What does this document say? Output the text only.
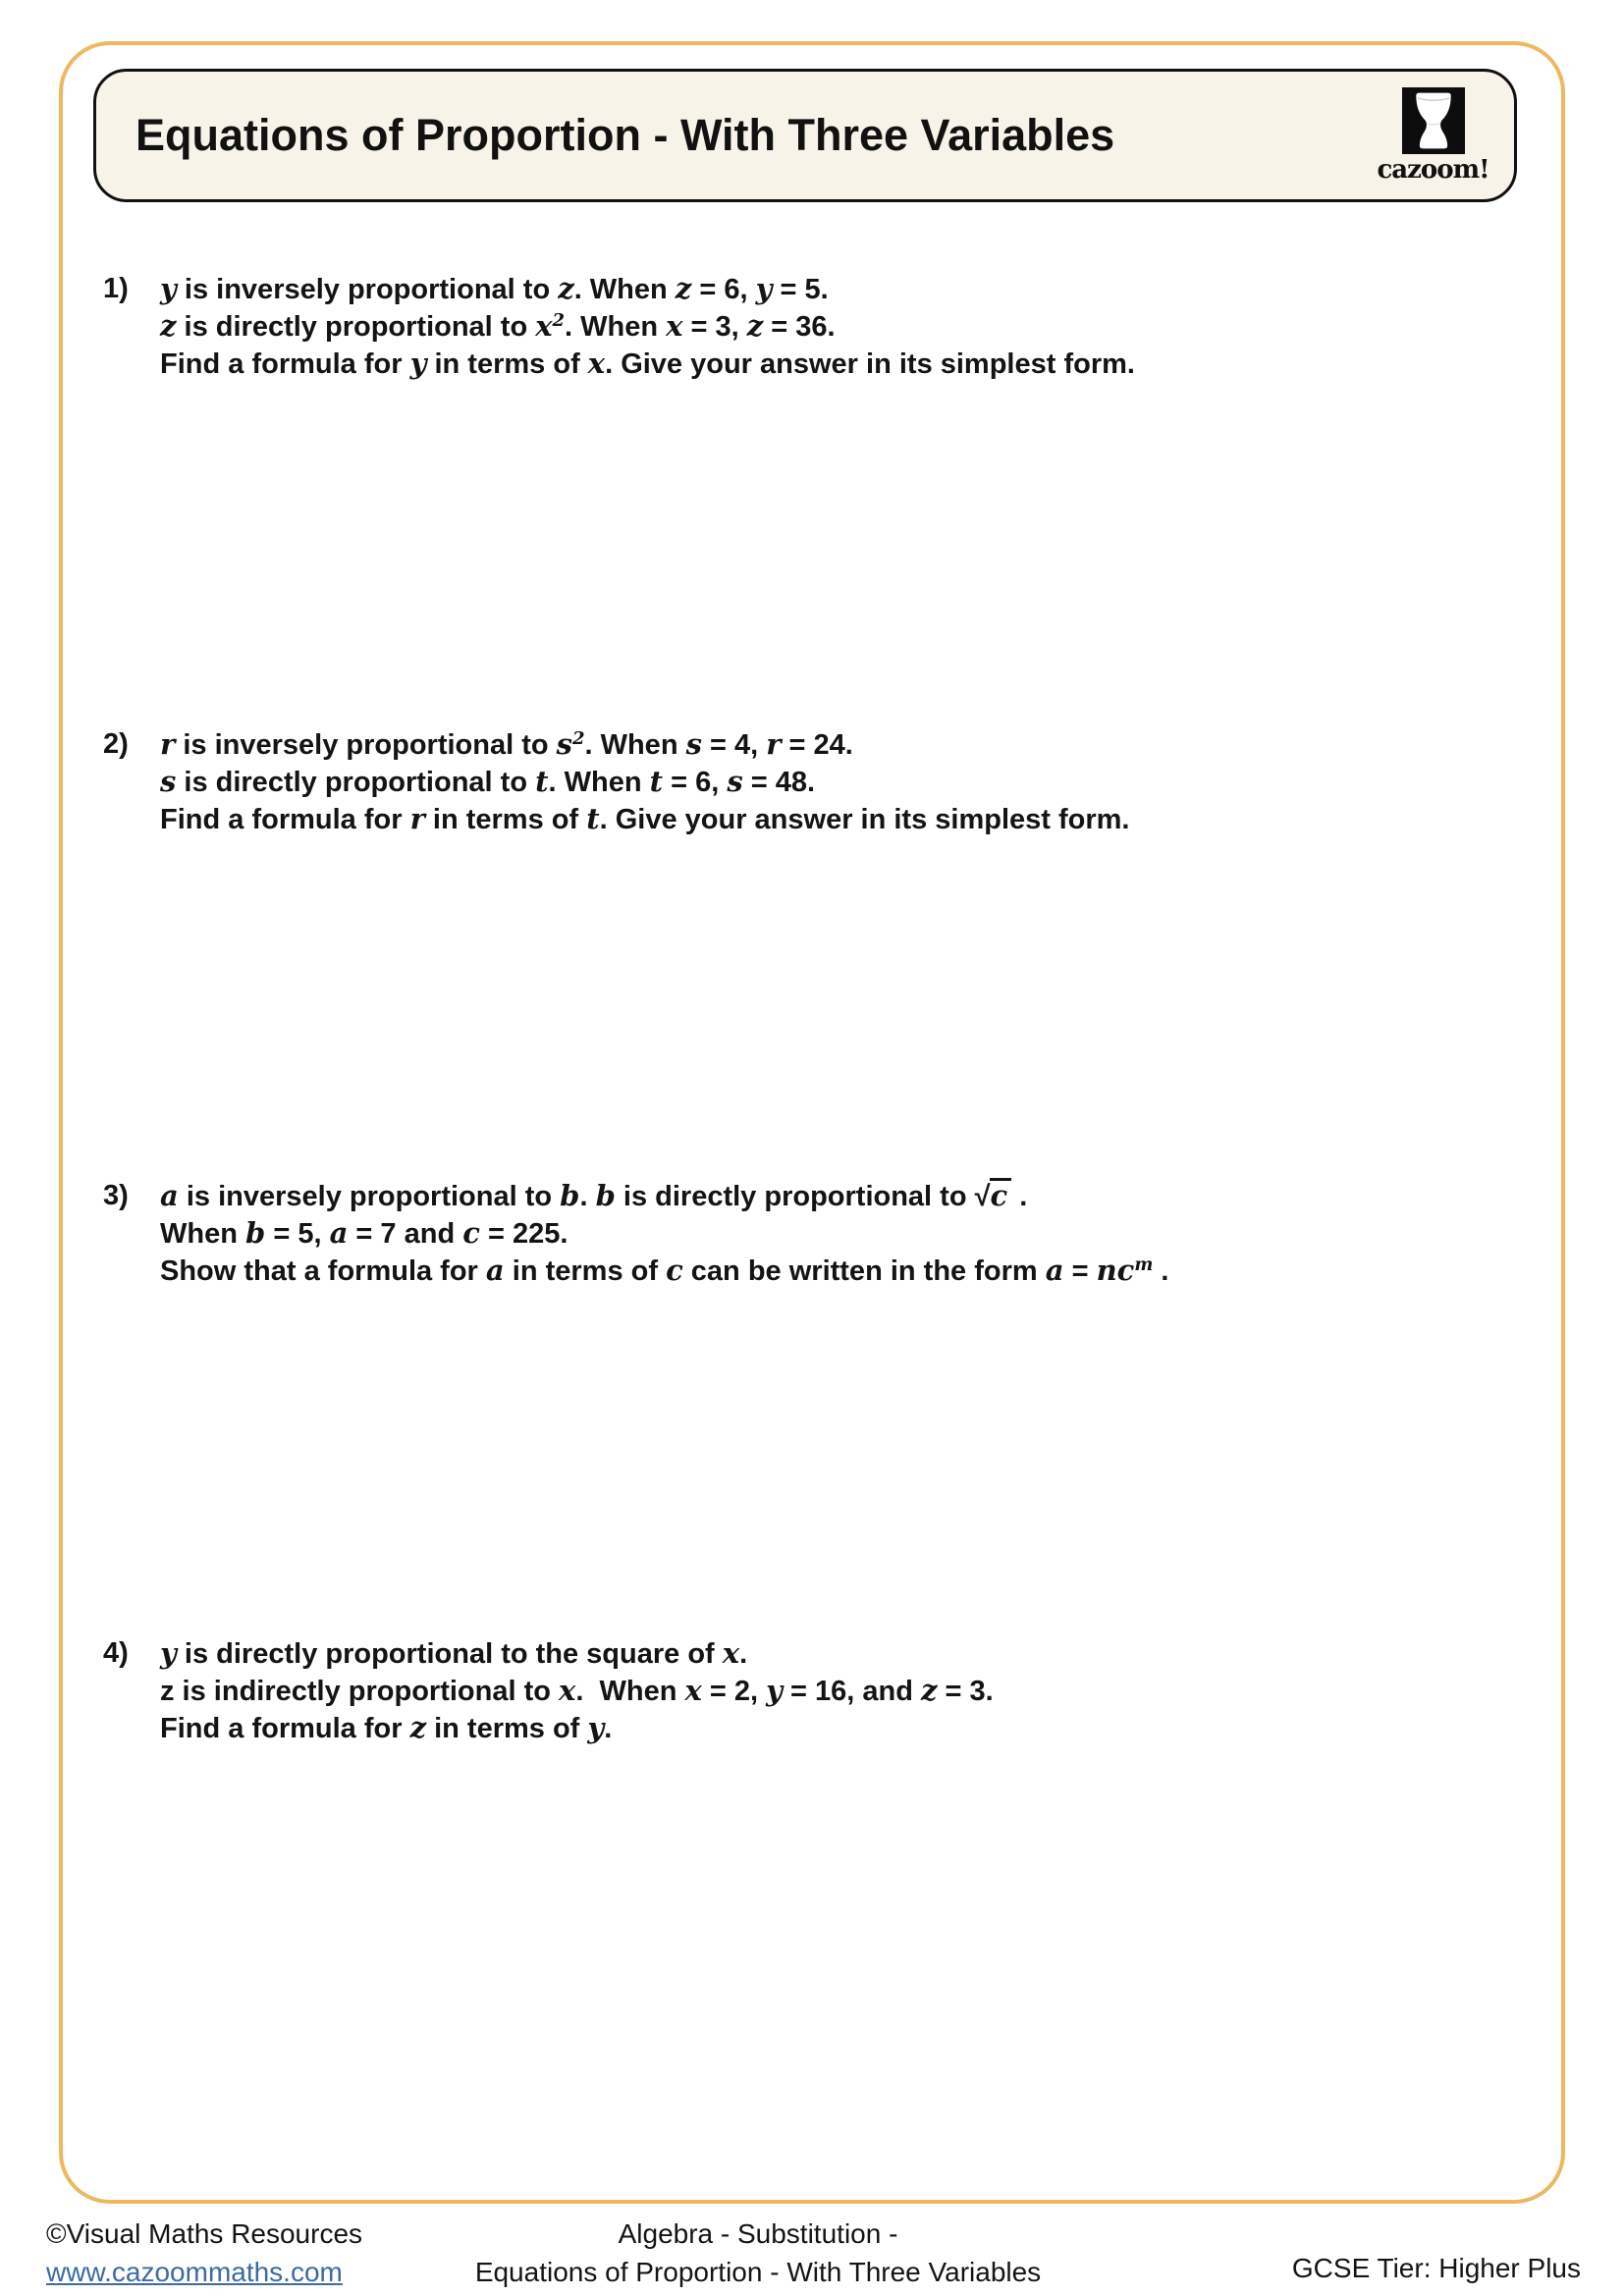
Equations of Proportion - With Three Variables
cazoom!
1)	y is inversely proportional to z. When z = 6, y = 5.
z is directly proportional to $x^2$. When x = 3, z = 36.
Find a formula for y in terms of x. Give your answer in its simplest form.
2)	r is inversely proportional to $s^2$. When s = 4, r = 24.
s is directly proportional to t. When t = 6, s = 48.
Find a formula for r in terms of t. Give your answer in its simplest form.
3)	a is inversely proportional to b. b is directly proportional to √c .
When b = 5, a = 7 and c = 225.
Show that a formula for a in terms of c can be written in the form $a = nc^m$ .
4)	y is directly proportional to the square of x.
z is indirectly proportional to x.  When x = 2, y = 16, and z = 3.
Find a formula for z in terms of y.
©Visual Maths Resources
www.cazoommaths.com
Algebra - Substitution -
Equations of Proportion - With Three Variables	GCSE Tier: Higher Plus
